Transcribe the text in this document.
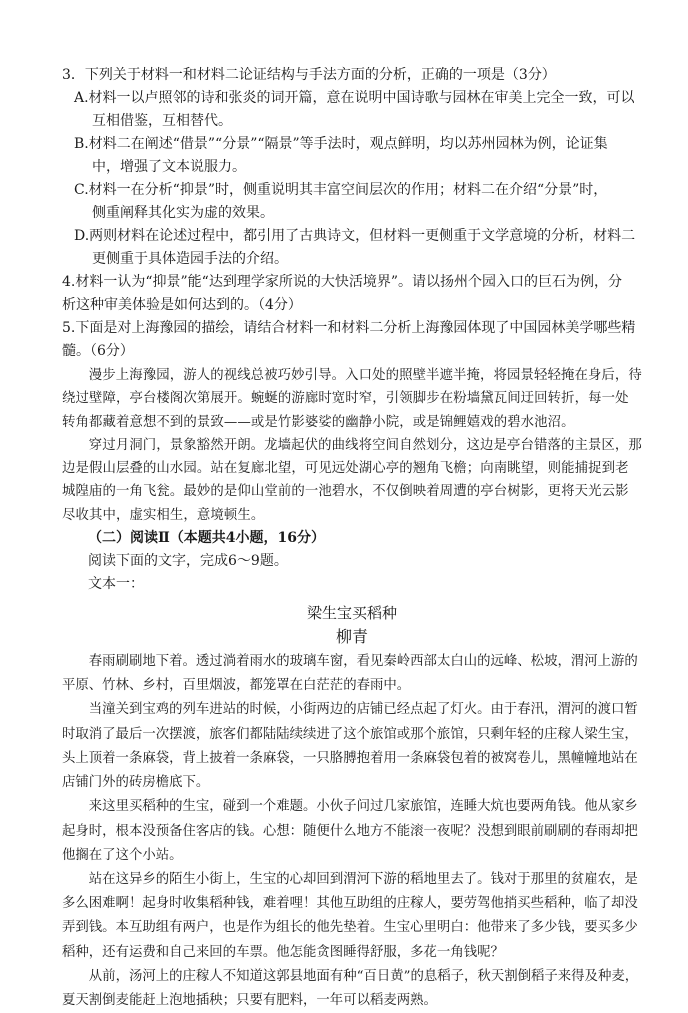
3．下列关于材料一和材料二论证结构与手法方面的分析，正确的一项是（3分）

A.材料一以卢照邻的诗和张炎的词开篇，意在说明中国诗歌与园林在审美上完全一致，可以

互相借鉴，互相替代。

B.材料二在阐述“借景”“分景”“隔景”等手法时，观点鲜明，均以苏州园林为例，论证集

中，增强了文本说服力。

C.材料一在分析“抑景”时，侧重说明其丰富空间层次的作用；材料二在介绍“分景”时，

侧重阐释其化实为虚的效果。

D.两则材料在论述过程中，都引用了古典诗文，但材料一更侧重于文学意境的分析，材料二

更侧重于具体造园手法的介绍。

4.材料一认为“抑景”能“达到理学家所说的大快活境界”。请以扬州个园入口的巨石为例，分

析这种审美体验是如何达到的。（4分）

5.下面是对上海豫园的描绘，请结合材料一和材料二分析上海豫园体现了中国园林美学哪些精

髓。（6分）

漫步上海豫园，游人的视线总被巧妙引导。入口处的照壁半遮半掩，将园景轻轻掩在身后，待绕过壁障，亭台楼阁次第展开。蜿蜒的游廊时宽时窄，引领脚步在粉墙黛瓦间迂回转折，每一处转角都藏着意想不到的景致——或是竹影婆娑的幽静小院，或是锦鲤嬉戏的碧水池沼。

穿过月洞门，景象豁然开朗。龙墙起伏的曲线将空间自然划分，这边是亭台错落的主景区，那边是假山层叠的山水园。站在复廊北望，可见远处湖心亭的翘角飞檐；向南眺望，则能捕捉到老城隍庙的一角飞瓮。最妙的是仰山堂前的一池碧水，不仅倒映着周遭的亭台树影，更将天光云影尽收其中，虚实相生，意境顿生。

（二）阅读Ⅱ（本题共4小题，16分）

阅读下面的文字，完成6～9题。

文本一：

梁生宝买稻种

柳青

春雨刷刷地下着。透过淌着雨水的玻璃车窗，看见秦岭西部太白山的远峰、松坡，渭河上游的平原、竹林、乡村，百里烟波，都笼罩在白茫茫的春雨中。

当潼关到宝鸡的列车进站的时候，小街两边的店铺已经点起了灯火。由于春汛，渭河的渡口暂时取消了最后一次摆渡，旅客们都陆陆续续进了这个旅馆或那个旅馆，只剩年轻的庄稼人梁生宝，头上顶着一条麻袋，背上披着一条麻袋，一只胳膊抱着用一条麻袋包着的被窝卷儿，黑幢幢地站在店铺门外的砖房檐底下。

来这里买稻种的生宝，碰到一个难题。小伙子问过几家旅馆，连睡大炕也要两角钱。他从家乡起身时，根本没预备住客店的钱。心想：随便什么地方不能滚一夜呢？没想到眼前刷刷的春雨却把他搁在了这个小站。

站在这异乡的陌生小街上，生宝的心却回到渭河下游的稻地里去了。钱对于那里的贫雇农，是多么困难啊！起身时收集稻种钱，难着哩！其他互助组的庄稼人，要劳驾他捎买些稻种，临了却没弄到钱。本互助组有两户，也是作为组长的他先垫着。生宝心里明白：他带来了多少钱，要买多少稻种，还有运费和自己来回的车票。他怎能贪图睡得舒服，多花一角钱呢？

从前，汤河上的庄稼人不知道这郭县地面有种“百日黄”的息稻子，秋天割倒稻子来得及种麦，夏天割倒麦能赶上泡地插秧；只要有肥料，一年可以稻麦两熟。
